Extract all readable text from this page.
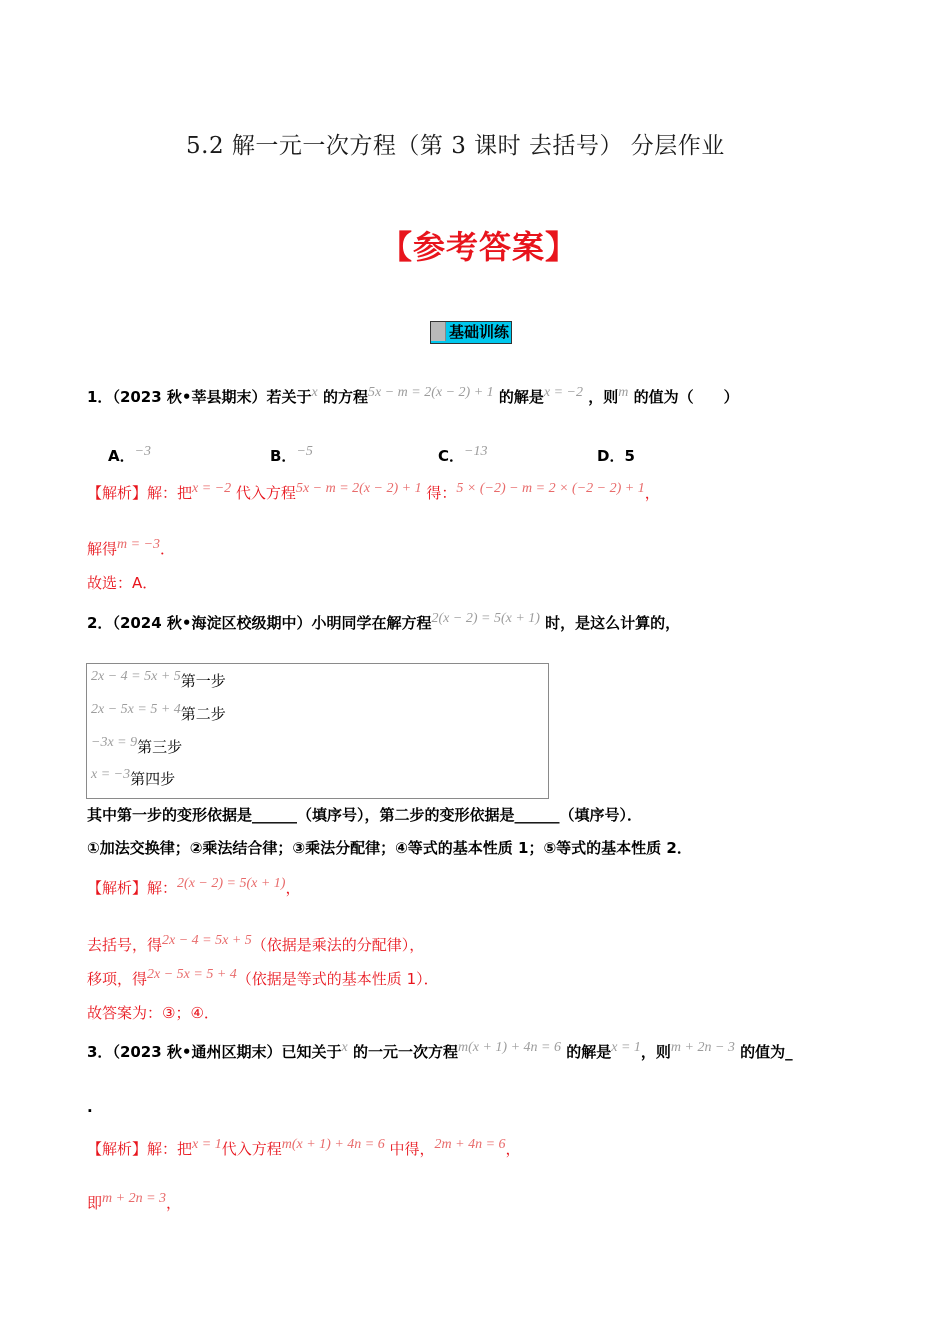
5.2 解一元一次方程（第 3 课时 去括号） 分层作业
【参考答案】
基础训练
1．（2023 秋•莘县期末）若关于x 的方程5x − m = 2(x − 2) + 1 的解是x = −2 ，则m 的值为（　　）
A．−3	B．−5	C．−13	D．5
【解析】解：把x = −2 代入方程5x − m = 2(x − 2) + 1 得：5 × (−2) − m = 2 × (−2 − 2) + 1，
解得m = −3．
故选：A．
2．（2024 秋•海淀区校级期中）小明同学在解方程2(x − 2) = 5(x + 1) 时，是这么计算的，
2x − 4 = 5x + 5第一步
2x − 5x = 5 + 4第二步
−3x = 9第三步
x = −3第四步
其中第一步的变形依据是______（填序号），第二步的变形依据是______（填序号）．
①加法交换律；②乘法结合律；③乘法分配律；④等式的基本性质 1；⑤等式的基本性质 2．
【解析】解：2(x − 2) = 5(x + 1)，
去括号，得2x − 4 = 5x + 5（依据是乘法的分配律），
移项，得2x − 5x = 5 + 4（依据是等式的基本性质 1）．
故答案为：③；④．
3．（2023 秋•通州区期末）已知关于x 的一元一次方程m(x + 1) + 4n = 6 的解是x = 1，则m + 2n − 3 的值为_
.
【解析】解：把x = 1代入方程m(x + 1) + 4n = 6 中得，2m + 4n = 6，
即m + 2n = 3，
